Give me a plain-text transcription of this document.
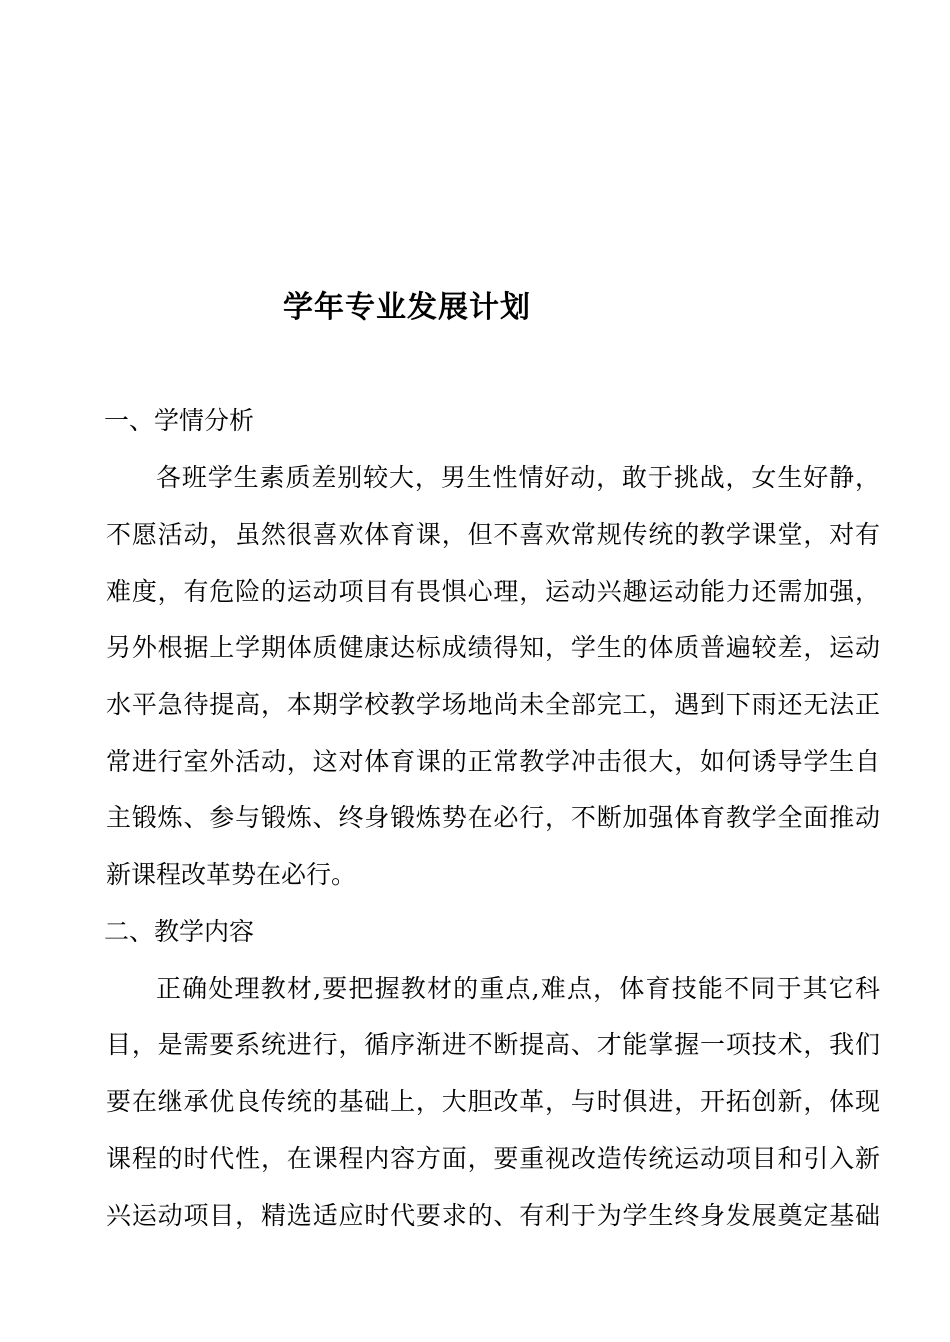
学年专业发展计划
一、学情分析
各班学生素质差别较大，男生性情好动，敢于挑战，女生好静，
不愿活动，虽然很喜欢体育课，但不喜欢常规传统的教学课堂，对有
难度，有危险的运动项目有畏惧心理，运动兴趣运动能力还需加强，
另外根据上学期体质健康达标成绩得知，学生的体质普遍较差，运动
水平急待提高，本期学校教学场地尚未全部完工，遇到下雨还无法正
常进行室外活动，这对体育课的正常教学冲击很大，如何诱导学生自
主锻炼、参与锻炼、终身锻炼势在必行，不断加强体育教学全面推动
新课程改革势在必行。
二、教学内容
正确处理教材,要把握教材的重点,难点，体育技能不同于其它科
目，是需要系统进行，循序渐进不断提高、才能掌握一项技术，我们
要在继承优良传统的基础上，大胆改革，与时俱进，开拓创新，体现
课程的时代性，在课程内容方面，要重视改造传统运动项目和引入新
兴运动项目，精选适应时代要求的、有利于为学生终身发展奠定基础
